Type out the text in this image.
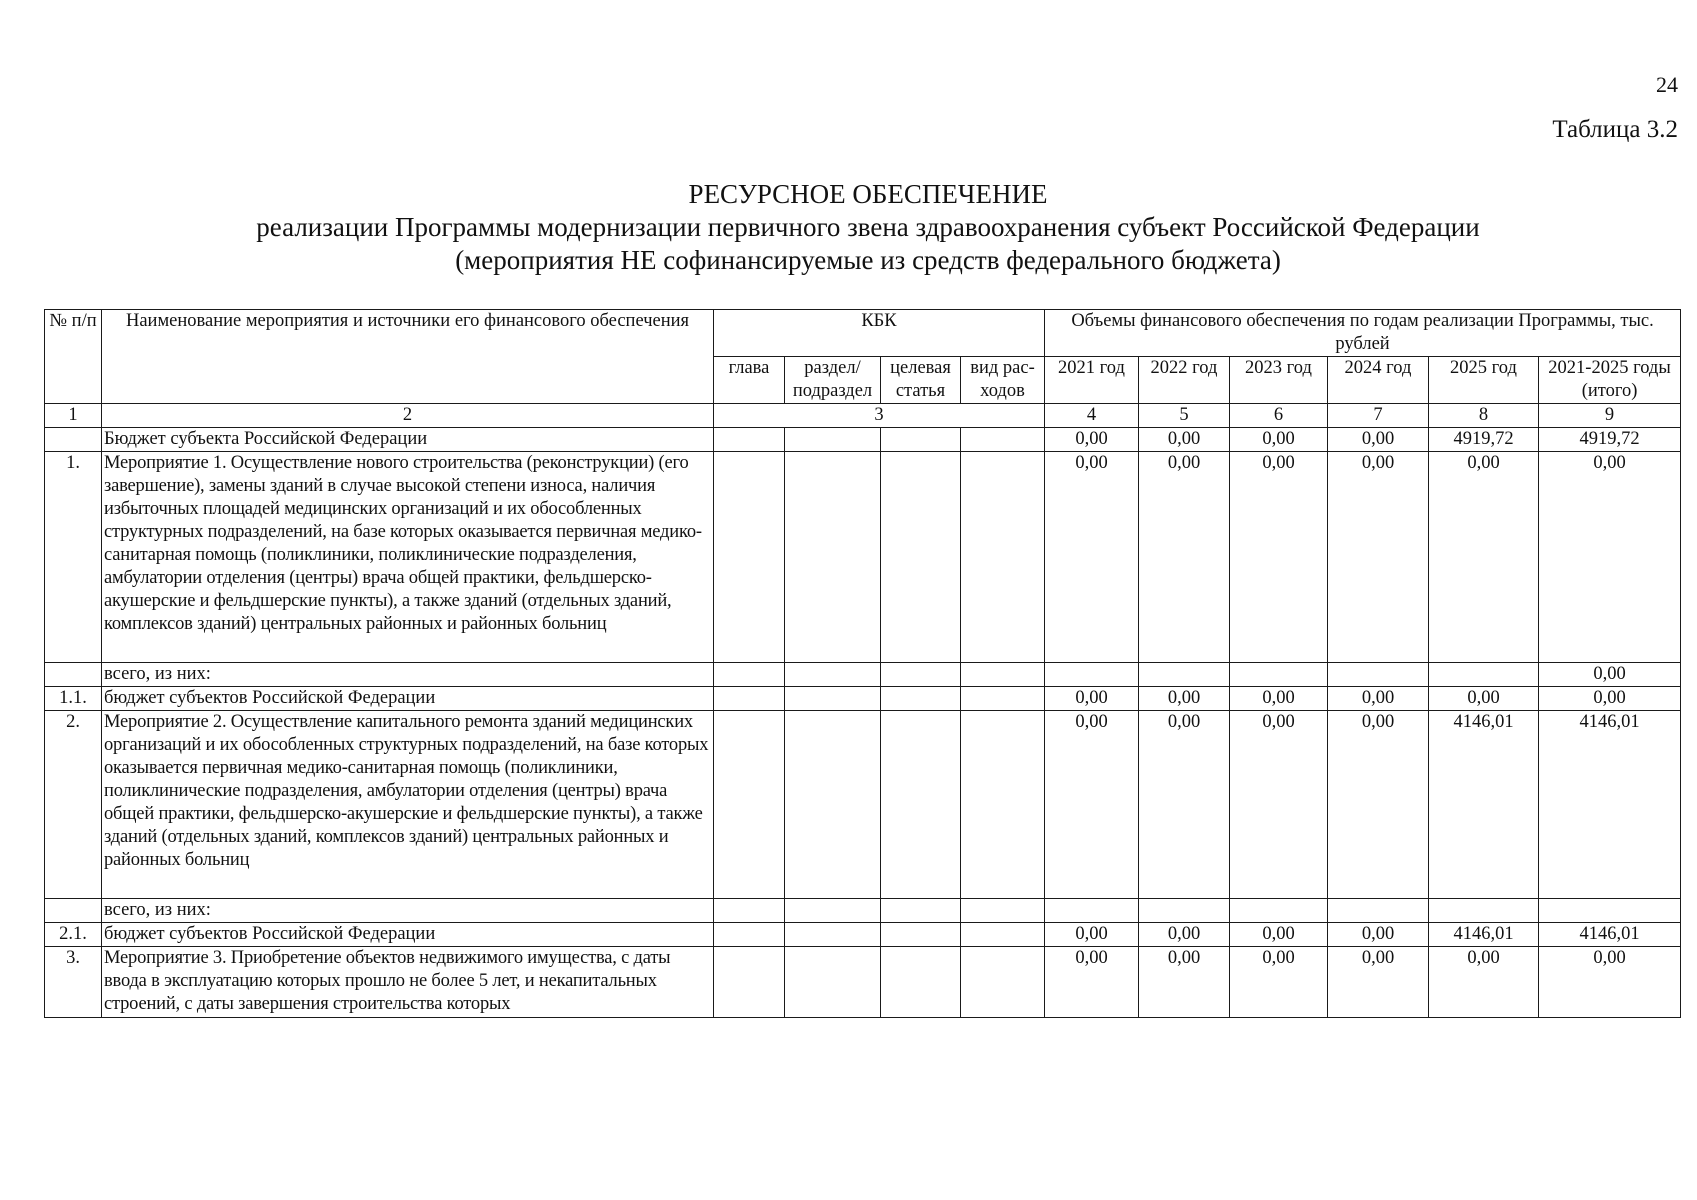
24
Таблица 3.2
РЕСУРСНОЕ ОБЕСПЕЧЕНИЕ
реализации Программы модернизации первичного звена здравоохранения субъект Российской Федерации
(мероприятия НЕ софинансируемые из средств федерального бюджета)
№ п/п	Наименование мероприятия и источники его финансового обеспечения	КБК				Объемы финансового обеспечения по годам реализации Программы, тыс. рублей					
		глава	раздел/ подраздел	целевая статья	вид рас- ходов	2021 год	2022 год	2023 год	2024 год	2025 год	2021-2025 годы (итого)
1	2	3				4	5	6	7	8	9
	Бюджет субъекта Российской Федерации					0,00	0,00	0,00	0,00	4919,72	4919,72
1.	Мероприятие 1. Осуществление нового строительства (реконструкции) (его завершение), замены зданий в случае высокой степени износа, наличия избыточных площадей медицинских организаций и их обособленных структурных подразделений, на базе которых оказывается первичная медико-санитарная помощь (поликлиники, поликлинические подразделения, амбулатории отделения (центры) врача общей практики, фельдшерско-акушерские и фельдшерские пункты), а также зданий (отдельных зданий, комплексов зданий) центральных районных и районных больниц					0,00	0,00	0,00	0,00	0,00	0,00
	всего, из них:										0,00
1.1.	бюджет субъектов Российской Федерации					0,00	0,00	0,00	0,00	0,00	0,00
2.	Мероприятие 2. Осуществление капитального ремонта зданий медицинских организаций и их обособленных структурных подразделений, на базе которых оказывается первичная медико-санитарная помощь (поликлиники, поликлинические подразделения, амбулатории отделения (центры) врача общей практики, фельдшерско-акушерские и фельдшерские пункты), а также зданий (отдельных зданий, комплексов зданий) центральных районных и районных больниц					0,00	0,00	0,00	0,00	4146,01	4146,01
	всего, из них:										
2.1.	бюджет субъектов Российской Федерации					0,00	0,00	0,00	0,00	4146,01	4146,01
3.	Мероприятие 3. Приобретение объектов недвижимого имущества, с даты ввода в эксплуатацию которых прошло не более 5 лет, и некапитальных строений, с даты завершения строительства которых					0,00	0,00	0,00	0,00	0,00	0,00
